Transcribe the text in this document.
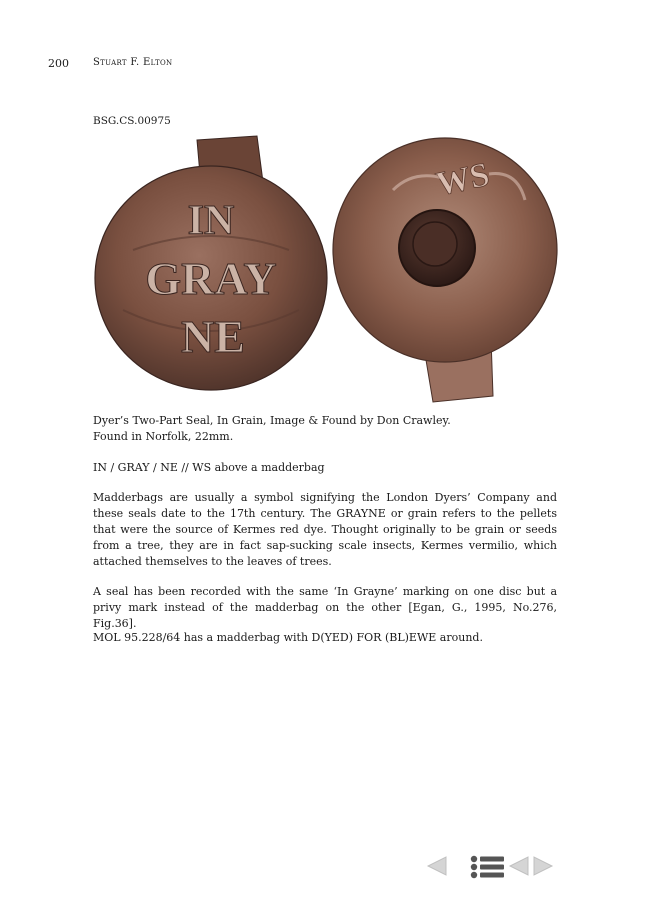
200 Stuart F. Elton
BSG.CS.00975
IN
GRAY
NE
WS
Dyer’s Two-Part Seal, In Grain, Image & Found by Don Crawley.
Found in Norfolk, 22mm.
IN / GRAY / NE // WS above a madderbag
Madderbags are usually a symbol signifying the London Dyers’ Company and these seals date to the 17th century. The GRAYNE or grain refers to the pellets that were the source of Kermes red dye. Thought originally to be grain or seeds from a tree, they are in fact sap-sucking scale insects, Kermes vermilio, which attached themselves to the leaves of trees.
A seal has been recorded with the same ‘In Grayne’ marking on one disc but a privy mark instead of the madderbag on the other [Egan, G., 1995, No.276, Fig.36].
MOL 95.228/64 has a madderbag with D(YED) FOR (BL)EWE around.
